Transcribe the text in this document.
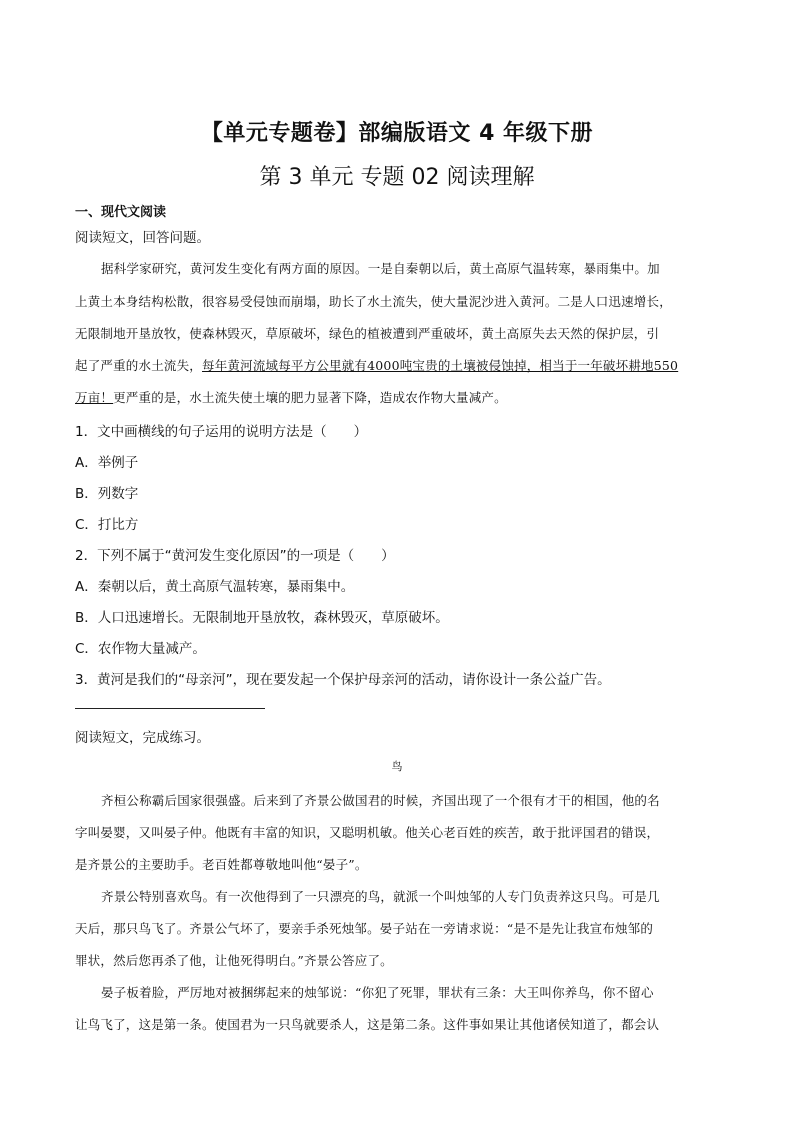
【单元专题卷】部编版语文 4 年级下册
第 3 单元 专题 02 阅读理解
一、现代文阅读
阅读短文，回答问题。
据科学家研究，黄河发生变化有两方面的原因。一是自秦朝以后，黄土高原气温转寒，暴雨集中。加
上黄土本身结构松散，很容易受侵蚀而崩塌，助长了水土流失，使大量泥沙进入黄河。二是人口迅速增长，
无限制地开垦放牧，使森林毁灭，草原破坏，绿色的植被遭到严重破坏，黄土高原失去天然的保护层，引
起了严重的水土流失，每年黄河流域每平方公里就有4000吨宝贵的土壤被侵蚀掉，相当于一年破坏耕地550
万亩！更严重的是，水土流失使土壤的肥力显著下降，造成农作物大量减产。
1．文中画横线的句子运用的说明方法是（　　）
A．举例子
B．列数字
C．打比方
2．下列不属于“黄河发生变化原因”的一项是（　　）
A．秦朝以后，黄土高原气温转寒，暴雨集中。
B．人口迅速增长。无限制地开垦放牧，森林毁灭，草原破坏。
C．农作物大量减产。
3．黄河是我们的“母亲河”，现在要发起一个保护母亲河的活动，请你设计一条公益广告。
阅读短文，完成练习。
鸟
齐桓公称霸后国家很强盛。后来到了齐景公做国君的时候，齐国出现了一个很有才干的相国，他的名
字叫晏婴，又叫晏子仲。他既有丰富的知识，又聪明机敏。他关心老百姓的疾苦，敢于批评国君的错误，
是齐景公的主要助手。老百姓都尊敬地叫他“晏子”。
齐景公特别喜欢鸟。有一次他得到了一只漂亮的鸟，就派一个叫烛邹的人专门负责养这只鸟。可是几
天后，那只鸟飞了。齐景公气坏了，要亲手杀死烛邹。晏子站在一旁请求说：“是不是先让我宣布烛邹的
罪状，然后您再杀了他，让他死得明白。”齐景公答应了。
晏子板着脸，严厉地对被捆绑起来的烛邹说：“你犯了死罪，罪状有三条：大王叫你养鸟，你不留心
让鸟飞了，这是第一条。使国君为一只鸟就要杀人，这是第二条。这件事如果让其他诸侯知道了，都会认
